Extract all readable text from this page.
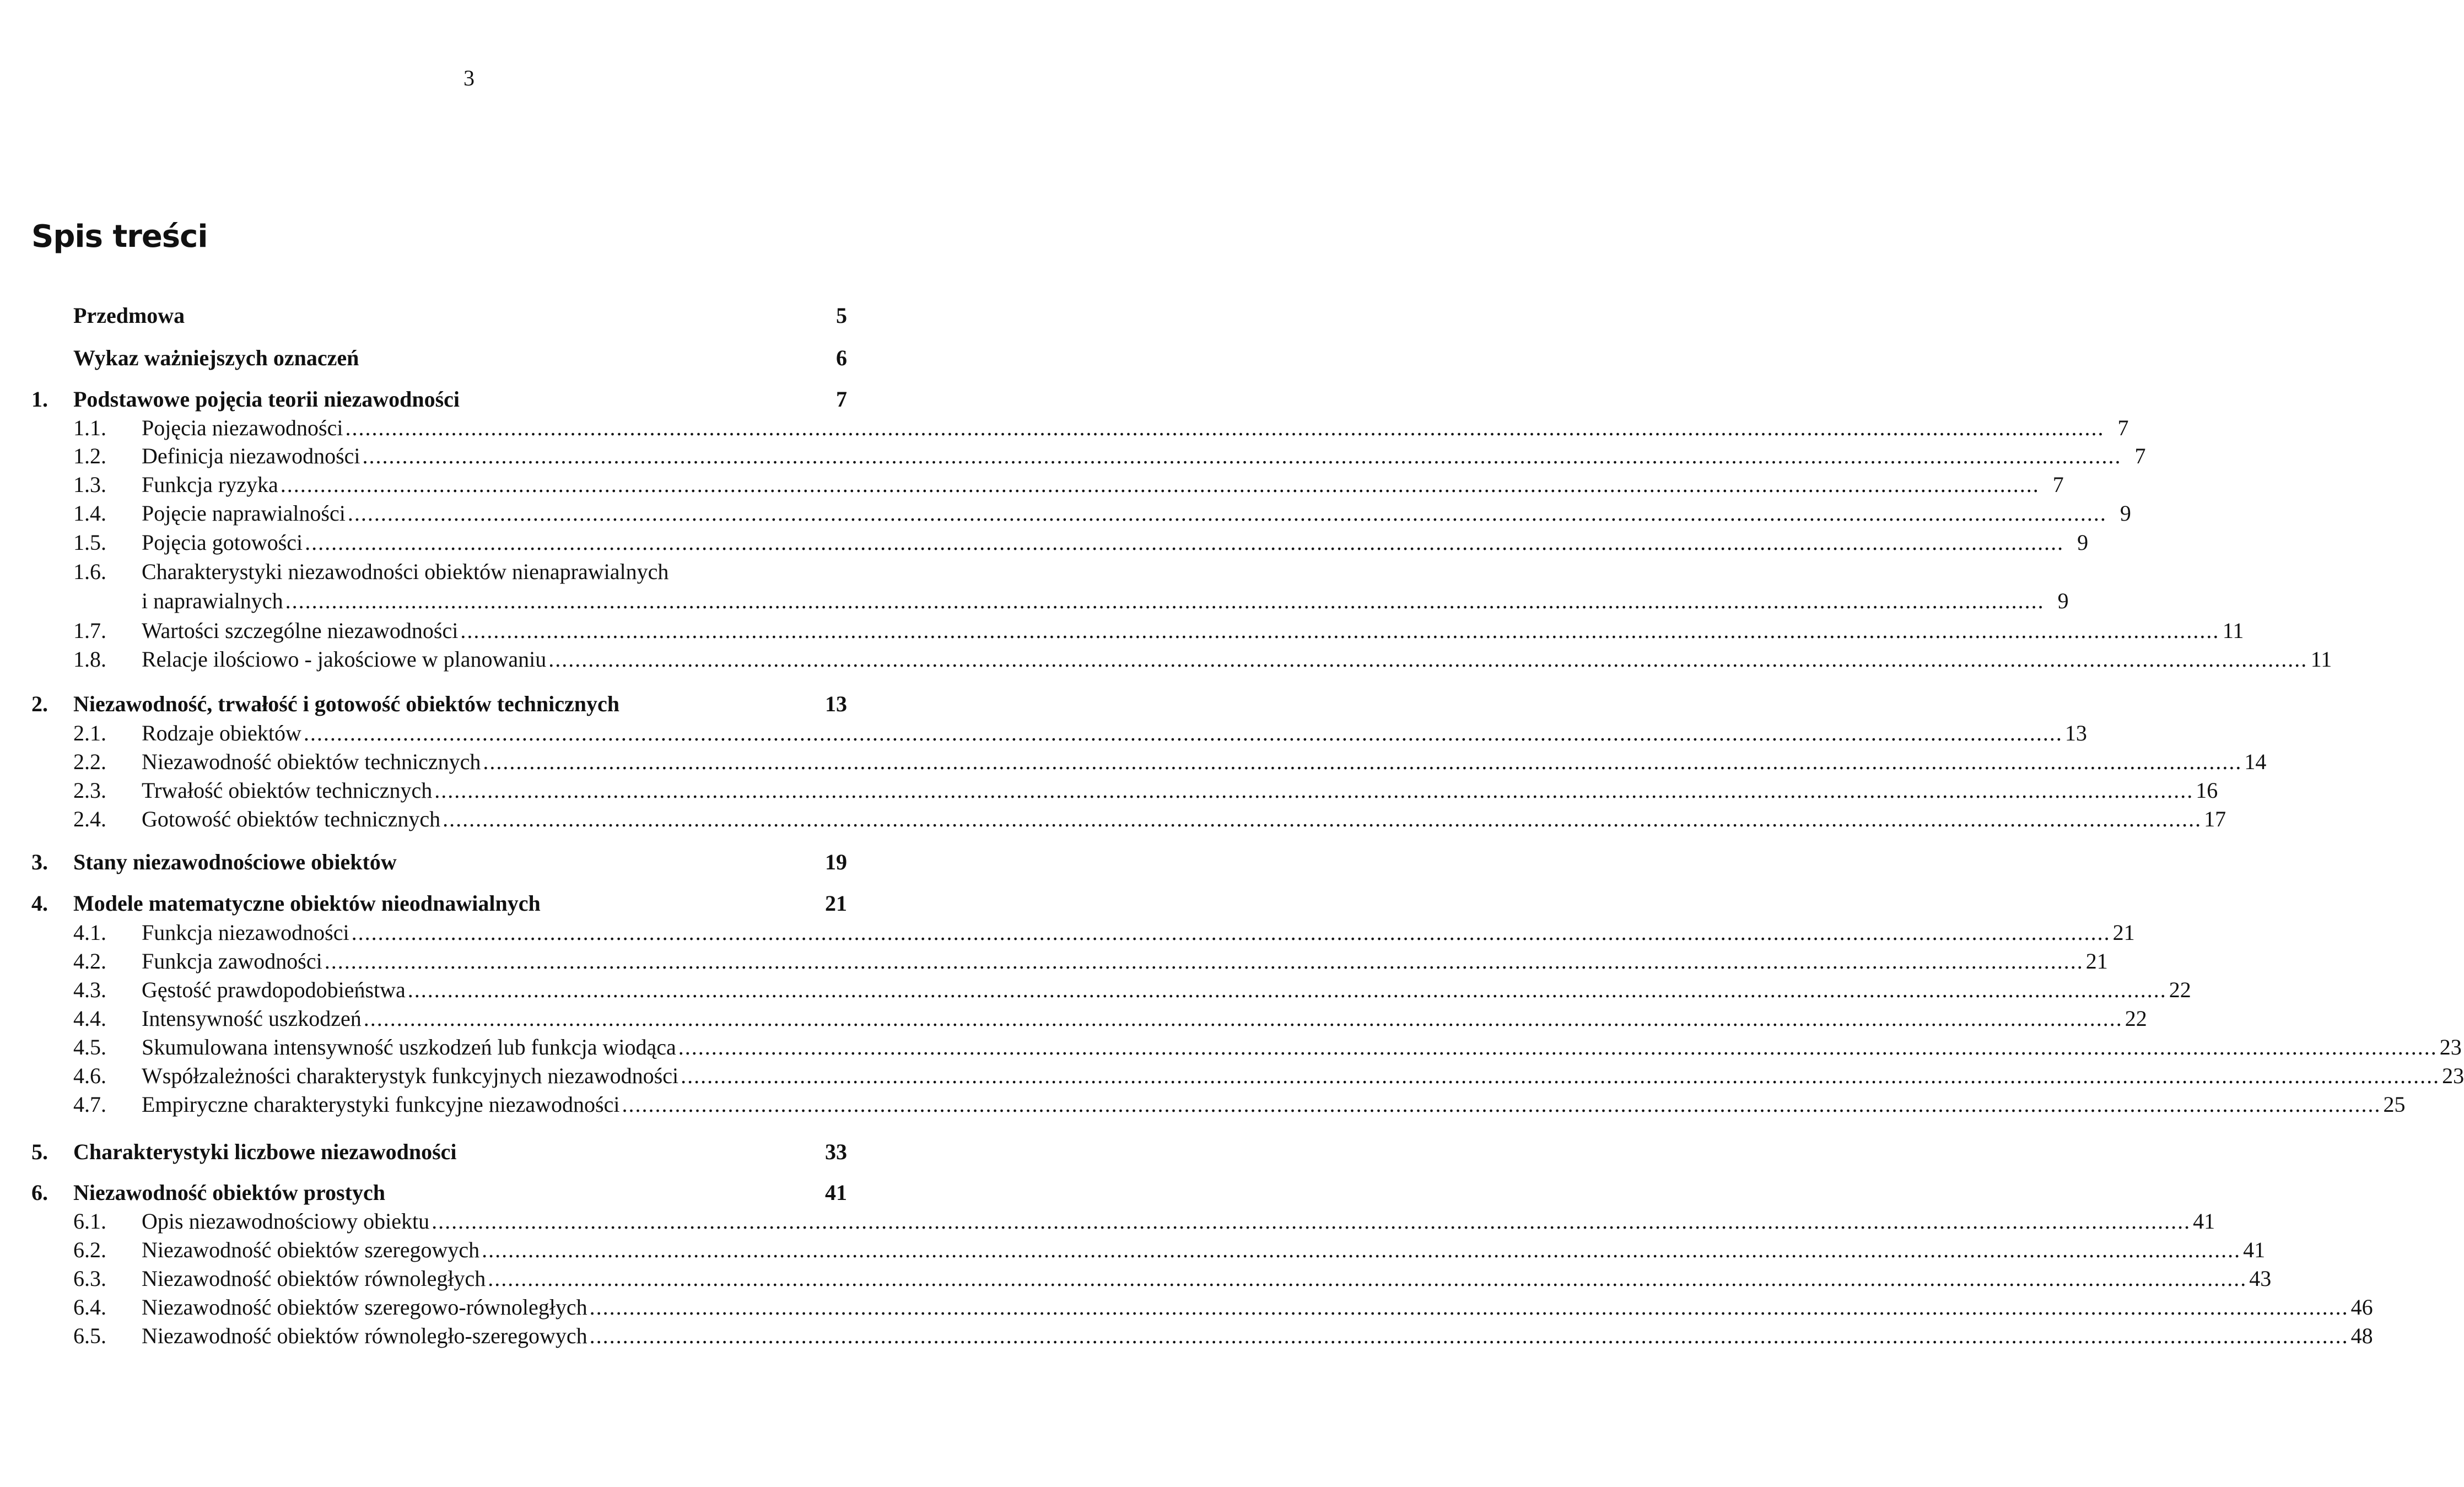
3
Spis treści
Przedmowa	5
Wykaz ważniejszych oznaczeń	6
1.	Podstawowe pojęcia teorii niezawodności	7
1.1.	Pojęcia niezawodności .....	7
1.2.	Definicja niezawodności .....	7
1.3.	Funkcja ryzyka .....	7
1.4.	Pojęcie naprawialności .....	9
1.5.	Pojęcia gotowości .....	9
1.6.	Charakterystyki niezawodności obiektów nienaprawialnych
i naprawialnych .....	9
1.7.	Wartości szczególne niezawodności .....	11
1.8.	Relacje ilościowo - jakościowe w planowaniu .....	11
2.	Niezawodność, trwałość i gotowość obiektów technicznych	13
2.1.	Rodzaje obiektów .....	13
2.2.	Niezawodność obiektów technicznych .....	14
2.3.	Trwałość obiektów technicznych .....	16
2.4.	Gotowość obiektów technicznych .....	17
3.	Stany niezawodnościowe obiektów	19
4.	Modele matematyczne obiektów nieodnawialnych	21
4.1.	Funkcja niezawodności .....	21
4.2.	Funkcja zawodności .....	21
4.3.	Gęstość prawdopodobieństwa .....	22
4.4.	Intensywność uszkodzeń .....	22
4.5.	Skumulowana intensywność uszkodzeń lub funkcja wiodąca .....	23
4.6.	Współzależności charakterystyk funkcyjnych niezawodności .....	23
4.7.	Empiryczne charakterystyki funkcyjne niezawodności .....	25
5.	Charakterystyki liczbowe niezawodności	33
6.	Niezawodność obiektów prostych	41
6.1.	Opis niezawodnościowy obiektu .....	41
6.2.	Niezawodność obiektów szeregowych .....	41
6.3.	Niezawodność obiektów równoległych .....	43
6.4.	Niezawodność obiektów szeregowo-równoległych .....	46
6.5.	Niezawodność obiektów równoległo-szeregowych .....	48
